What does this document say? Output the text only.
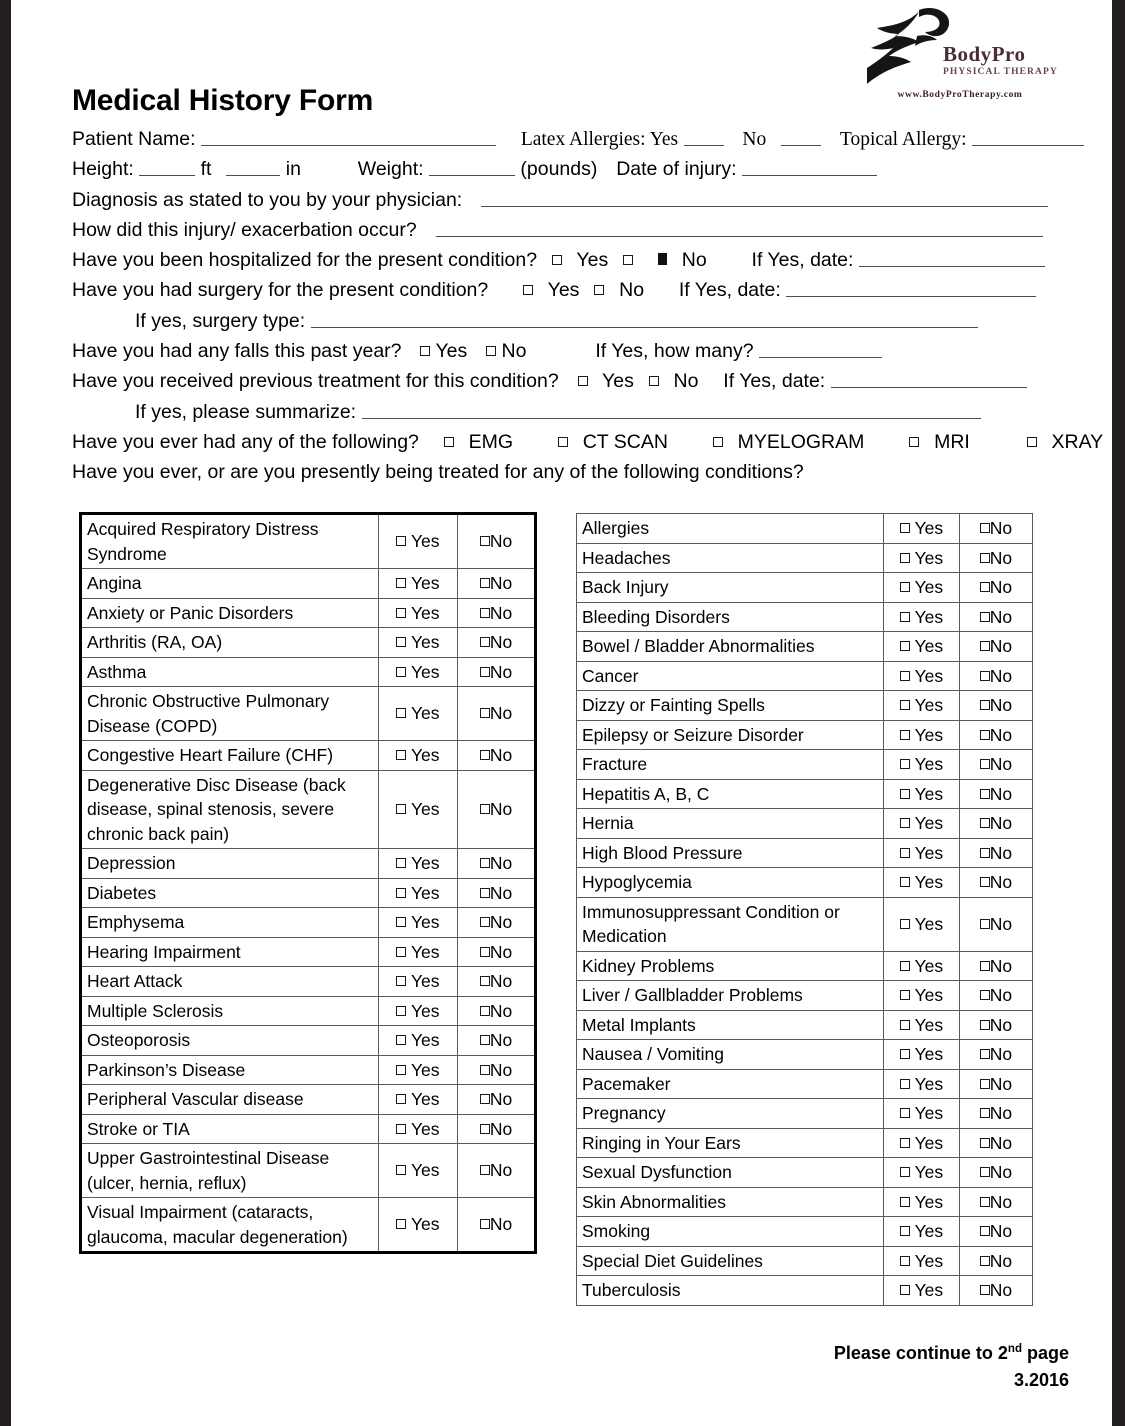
BodyPro
PHYSICAL THERAPY
www.BodyProTherapy.com
Medical History Form
Patient Name:	Latex Allergies: Yes	No	Topical Allergy:
Height:	ft	in	Weight:	(pounds) Date of injury:
Diagnosis as stated to you by your physician:
How did this injury/ exacerbation occur?
Have you been hospitalized for the present condition? Yes	No If Yes, date:
Have you had surgery for the present condition?	Yes No If Yes, date:
If yes, surgery type:
Have you had any falls this past year? Yes No	If Yes, how many?
Have you received previous treatment for this condition? Yes No If Yes, date:
If yes, please summarize:
Have you ever had any of the following?	EMG	CT SCAN	MYELOGRAM	MRI	XRAY
Have you ever, or are you presently being treated for any of the following conditions?
Acquired Respiratory Distress Syndrome	Yes	No
Angina	Yes	No
Anxiety or Panic Disorders	Yes	No
Arthritis (RA, OA)	Yes	No
Asthma	Yes	No
Chronic Obstructive Pulmonary Disease (COPD)	Yes	No
Congestive Heart Failure (CHF)	Yes	No
Degenerative Disc Disease (back disease, spinal stenosis, severe chronic back pain)	Yes	No
Depression	Yes	No
Diabetes	Yes	No
Emphysema	Yes	No
Hearing Impairment	Yes	No
Heart Attack	Yes	No
Multiple Sclerosis	Yes	No
Osteoporosis	Yes	No
Parkinson’s Disease	Yes	No
Peripheral Vascular disease	Yes	No
Stroke or TIA	Yes	No
Upper Gastrointestinal Disease (ulcer, hernia, reflux)	Yes	No
Visual Impairment (cataracts, glaucoma, macular degeneration)	Yes	No
Allergies	Yes	No
Headaches	Yes	No
Back Injury	Yes	No
Bleeding Disorders	Yes	No
Bowel / Bladder Abnormalities	Yes	No
Cancer	Yes	No
Dizzy or Fainting Spells	Yes	No
Epilepsy or Seizure Disorder	Yes	No
Fracture	Yes	No
Hepatitis A, B, C	Yes	No
Hernia	Yes	No
High Blood Pressure	Yes	No
Hypoglycemia	Yes	No
Immunosuppressant Condition or Medication	Yes	No
Kidney Problems	Yes	No
Liver / Gallbladder Problems	Yes	No
Metal Implants	Yes	No
Nausea / Vomiting	Yes	No
Pacemaker	Yes	No
Pregnancy	Yes	No
Ringing in Your Ears	Yes	No
Sexual Dysfunction	Yes	No
Skin Abnormalities	Yes	No
Smoking	Yes	No
Special Diet Guidelines	Yes	No
Tuberculosis	Yes	No
Please continue to 2nd page
3.2016
